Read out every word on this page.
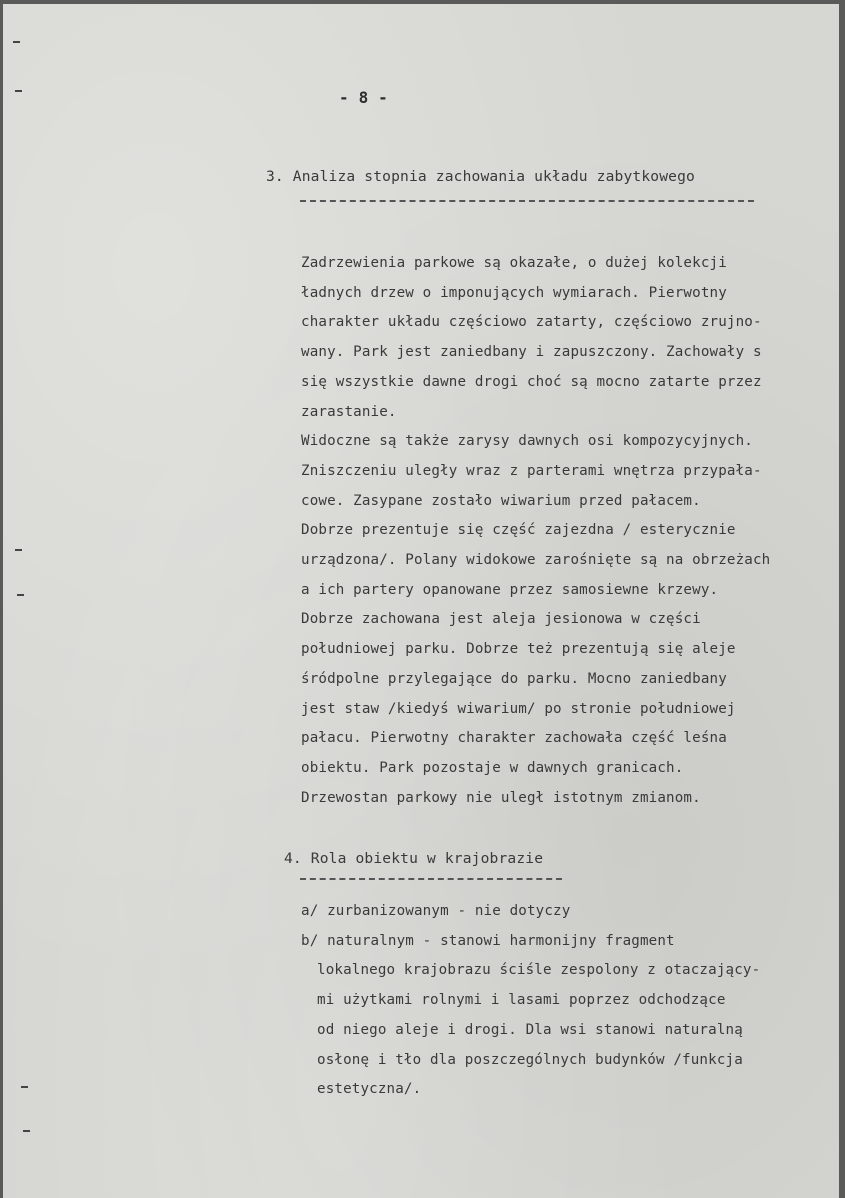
- 8 -
3. Analiza stopnia zachowania układu zabytkowego

Zadrzewienia parkowe są okazałe, o dużej kolekcji
ładnych drzew o imponujących wymiarach. Pierwotny
charakter układu częściowo zatarty, częściowo zrujno-
wany. Park jest zaniedbany i zapuszczony. Zachowały s
się wszystkie dawne drogi choć są mocno zatarte przez
zarastanie.
Widoczne są także zarysy dawnych osi kompozycyjnych.
Zniszczeniu uległy wraz z parterami wnętrza przypała-
cowe. Zasypane zostało wiwarium przed pałacem.
Dobrze prezentuje się część zajezdna / esterycznie
urządzona/. Polany widokowe zarośnięte są na obrzeżach
a ich partery opanowane przez samosiewne krzewy.
Dobrze zachowana jest aleja jesionowa w części
południowej parku. Dobrze też prezentują się aleje
śródpolne przylegające do parku. Mocno zaniedbany
jest staw /kiedyś wiwarium/ po stronie południowej
pałacu. Pierwotny charakter zachowała część leśna
obiektu. Park pozostaje w dawnych granicach.
Drzewostan parkowy nie uległ istotnym zmianom.

4. Rola obiektu w krajobrazie
a/ zurbanizowanym - nie dotyczy
b/ naturalnym - stanowi harmonijny fragment
lokalnego krajobrazu ściśle zespolony z otaczający-
mi użytkami rolnymi i lasami poprzez odchodzące
od niego aleje i drogi. Dla wsi stanowi naturalną
osłonę i tło dla poszczególnych budynków /funkcja
estetyczna/.
